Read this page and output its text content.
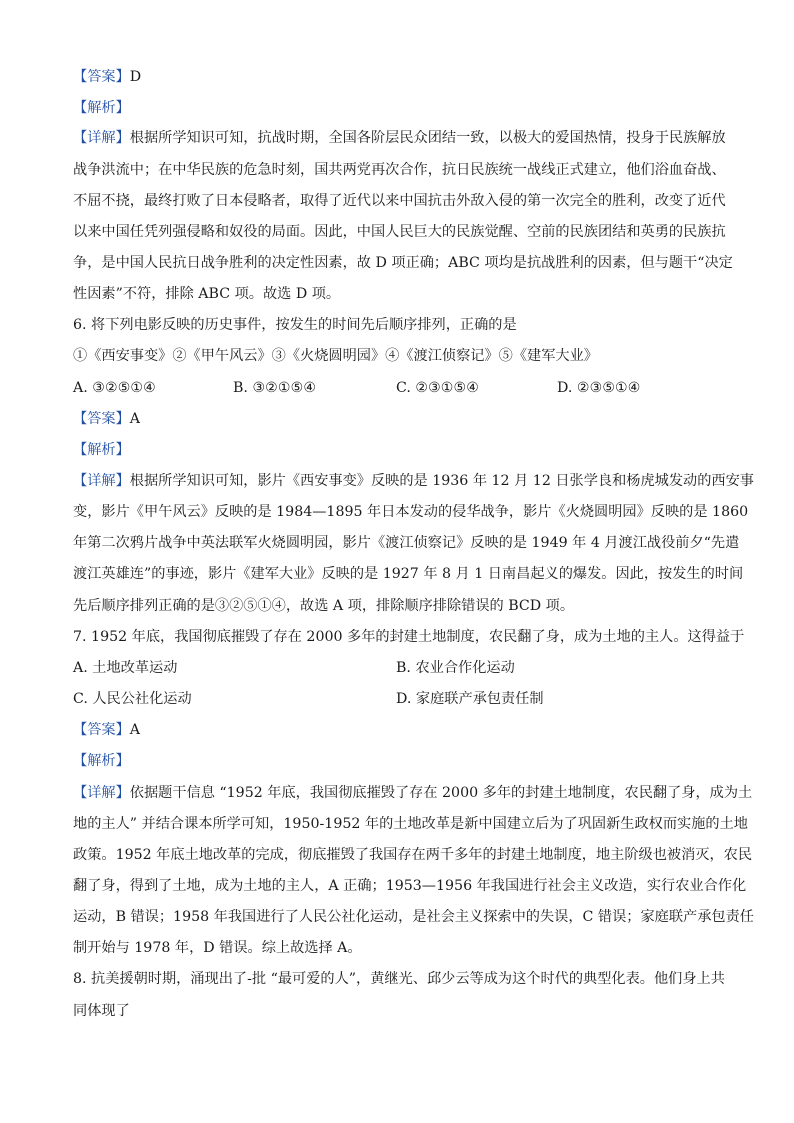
【答案】D
【解析】
【详解】根据所学知识可知，抗战时期，全国各阶层民众团结一致，以极大的爱国热情，投身于民族解放
战争洪流中；在中华民族的危急时刻，国共两党再次合作，抗日民族统一战线正式建立，他们浴血奋战、
不屈不挠，最终打败了日本侵略者，取得了近代以来中国抗击外敌入侵的第一次完全的胜利，改变了近代
以来中国任凭列强侵略和奴役的局面。因此，中国人民巨大的民族觉醒、空前的民族团结和英勇的民族抗
争，是中国人民抗日战争胜利的决定性因素，故 D 项正确；ABC 项均是抗战胜利的因素，但与题干“决定
性因素”不符，排除 ABC 项。故选 D 项。
6. 将下列电影反映的历史事件，按发生的时间先后顺序排列，正确的是
①《西安事变》②《甲午风云》③《火烧圆明园》④《渡江侦察记》⑤《建军大业》
A. ③②⑤①④	B. ③②①⑤④	C. ②③①⑤④	D. ②③⑤①④
【答案】A
【解析】
【详解】根据所学知识可知，影片《西安事变》反映的是 1936 年 12 月 12 日张学良和杨虎城发动的西安事
变，影片《甲午风云》反映的是 1984—1895 年日本发动的侵华战争，影片《火烧圆明园》反映的是 1860
年第二次鸦片战争中英法联军火烧圆明园，影片《渡江侦察记》反映的是 1949 年 4 月渡江战役前夕“先遣
渡江英雄连”的事迹，影片《建军大业》反映的是 1927 年 8 月 1 日南昌起义的爆发。因此，按发生的时间
先后顺序排列正确的是③②⑤①④，故选 A 项，排除顺序排除错误的 BCD 项。
7. 1952 年底，我国彻底摧毁了存在 2000 多年的封建土地制度，农民翻了身，成为土地的主人。这得益于
A. 土地改革运动	B. 农业合作化运动
C. 人民公社化运动	D. 家庭联产承包责任制
【答案】A
【解析】
【详解】依据题干信息 “1952 年底，我国彻底摧毁了存在 2000 多年的封建土地制度，农民翻了身，成为土
地的主人” 并结合课本所学可知，1950-1952 年的土地改革是新中国建立后为了巩固新生政权而实施的土地
政策。1952 年底土地改革的完成，彻底摧毁了我国存在两千多年的封建土地制度，地主阶级也被消灭，农民
翻了身，得到了土地，成为土地的主人，A 正确；1953—1956 年我国进行社会主义改造，实行农业合作化
运动，B 错误；1958 年我国进行了人民公社化运动，是社会主义探索中的失误，C 错误；家庭联产承包责任
制开始与 1978 年，D 错误。综上故选择 A。
8. 抗美援朝时期，涌现出了-批 “最可爱的人”，黄继光、邱少云等成为这个时代的典型化表。他们身上共
同体现了
